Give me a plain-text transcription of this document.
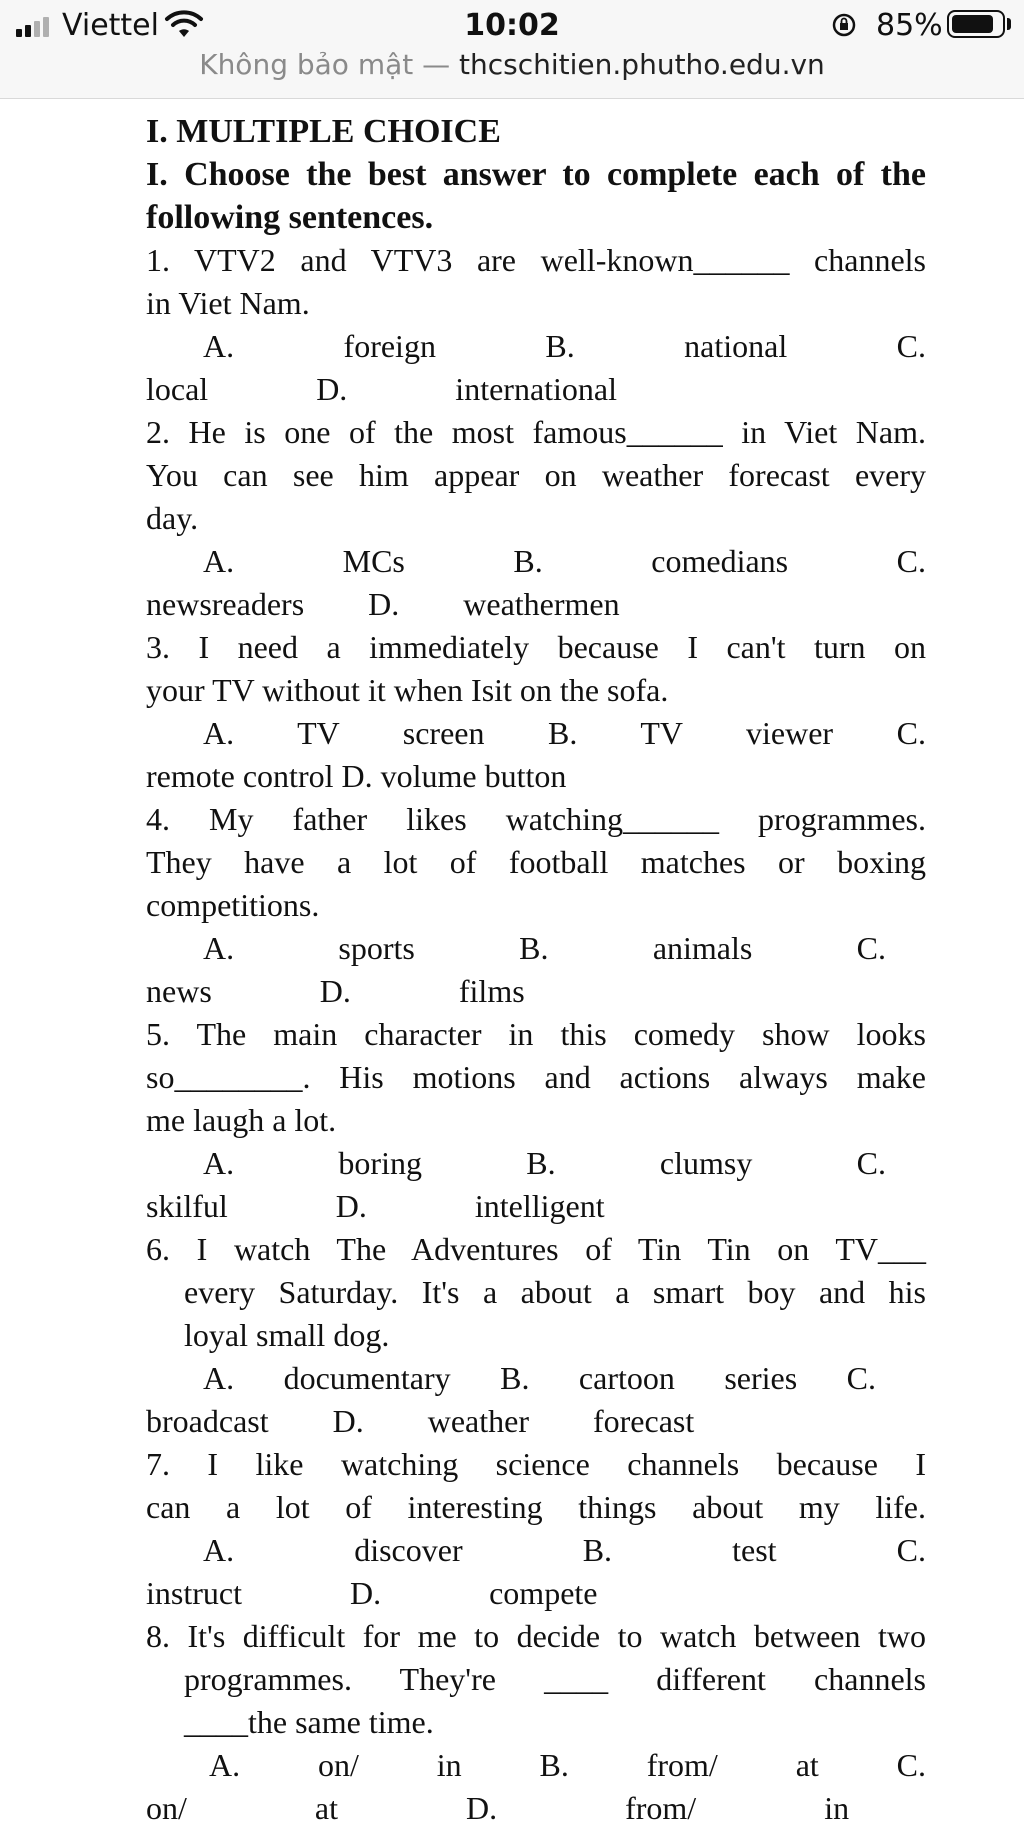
Viettel	10:02	85%
Không bảo mật — thcschitien.phutho.edu.vn
I. MULTIPLE CHOICE
I. Choose the best answer to complete each of the
following sentences.
1. VTV2 and VTV3 are well-known______ channels
in Viet Nam.
A. foreign B. national C.
local D. international
2. He is one of the most famous______ in Viet Nam.
You can see him appear on weather forecast every
day.
A. MCs B. comedians C.
newsreaders D. weathermen
3. I need a immediately because I can't turn on
your TV without it when Isit on the sofa.
A. TV screen B. TV viewer C.
remote control D. volume button
4. My father likes watching______ programmes.
They have a lot of football matches or boxing
competitions.
A. sports B. animals C.
news D. films
5. The main character in this comedy show looks
so________. His motions and actions always make
me laugh a lot.
A. boring B. clumsy C.
skilful D. intelligent
6. I watch The Adventures of Tin Tin on TV___
every Saturday. It's a about a smart boy and his
loyal small dog.
A. documentary B. cartoon series C.
broadcast D. weather forecast
7. I like watching science channels because I
can a lot of interesting things about my life.
A. discover B. test C.
instruct D. compete
8. It's difficult for me to decide to watch between two
programmes. They're ____ different channels
____the same time.
A. on/ in B. from/ at C.
on/ at D. from/ in
